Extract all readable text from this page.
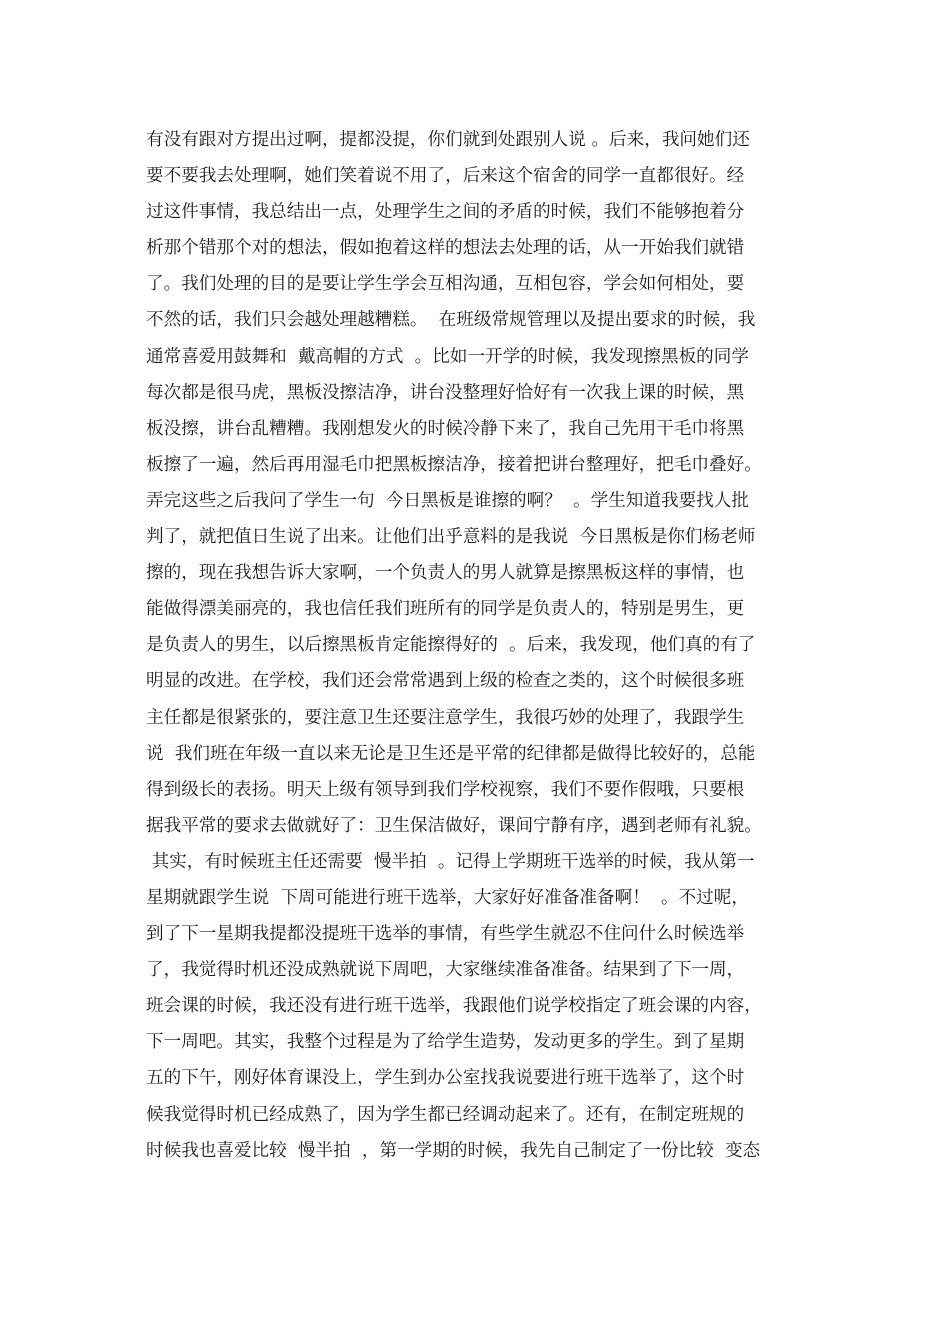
有没有跟对方提出过啊，提都没提，你们就到处跟别人说 。后来，我问她们还
要不要我去处理啊，她们笑着说不用了，后来这个宿舍的同学一直都很好。经
过这件事情，我总结出一点，处理学生之间的矛盾的时候，我们不能够抱着分
析那个错那个对的想法，假如抱着这样的想法去处理的话，从一开始我们就错
了。我们处理的目的是要让学生学会互相沟通，互相包容，学会如何相处，要
不然的话，我们只会越处理越糟糕。  在班级常规管理以及提出要求的时候，我
通常喜爱用鼓舞和  戴高帽的方式  。比如一开学的时候，我发现擦黑板的同学
每次都是很马虎，黑板没擦洁净，讲台没整理好恰好有一次我上课的时候，黑
板没擦，讲台乱糟糟。我刚想发火的时候冷静下来了，我自己先用干毛巾将黑
板擦了一遍，然后再用湿毛巾把黑板擦洁净，接着把讲台整理好，把毛巾叠好。
弄完这些之后我问了学生一句  今日黑板是谁擦的啊？  。学生知道我要找人批
判了，就把值日生说了出来。让他们出乎意料的是我说  今日黑板是你们杨老师
擦的，现在我想告诉大家啊，一个负责人的男人就算是擦黑板这样的事情，也
能做得漂美丽亮的，我也信任我们班所有的同学是负责人的，特别是男生，更
是负责人的男生，以后擦黑板肯定能擦得好的  。后来，我发现，他们真的有了
明显的改进。在学校，我们还会常常遇到上级的检查之类的，这个时候很多班
主任都是很紧张的，要注意卫生还要注意学生，我很巧妙的处理了，我跟学生
说  我们班在年级一直以来无论是卫生还是平常的纪律都是做得比较好的，总能
得到级长的表扬。明天上级有领导到我们学校视察，我们不要作假哦，只要根
据我平常的要求去做就好了：卫生保洁做好，课间宁静有序，遇到老师有礼貌。
其实，有时候班主任还需要  慢半拍  。记得上学期班干选举的时候，我从第一
星期就跟学生说  下周可能进行班干选举，大家好好准备准备啊！  。不过呢，
到了下一星期我提都没提班干选举的事情，有些学生就忍不住问什么时候选举
了，我觉得时机还没成熟就说下周吧，大家继续准备准备。结果到了下一周，
班会课的时候，我还没有进行班干选举，我跟他们说学校指定了班会课的内容，
下一周吧。其实，我整个过程是为了给学生造势，发动更多的学生。到了星期
五的下午，刚好体育课没上，学生到办公室找我说要进行班干选举了，这个时
候我觉得时机已经成熟了，因为学生都已经调动起来了。还有，在制定班规的
时候我也喜爱比较  慢半拍  ，第一学期的时候，我先自己制定了一份比较  变态
